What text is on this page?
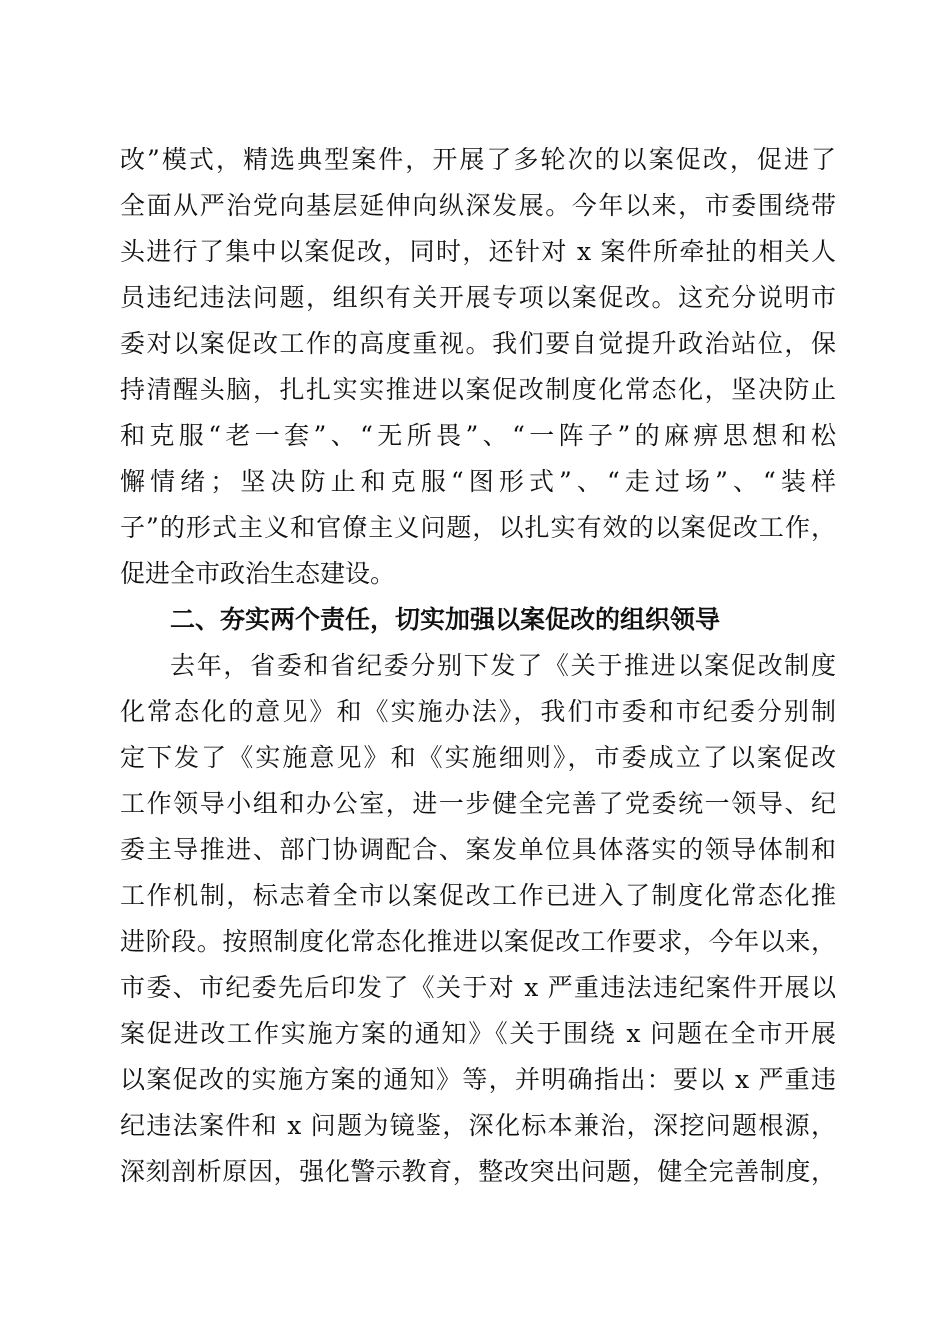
改”模式，精选典型案件，开展了多轮次的以案促改，促进了

全面从严治党向基层延伸向纵深发展。今年以来，市委围绕带

头进行了集中以案促改，同时，还针对 x 案件所牵扯的相关人

员违纪违法问题，组织有关开展专项以案促改。这充分说明市

委对以案促改工作的高度重视。我们要自觉提升政治站位，保

持清醒头脑，扎扎实实推进以案促改制度化常态化，坚决防止

和克服“老一套”、“无所畏”、“一阵子”的麻痹思想和松

懈情绪；坚决防止和克服“图形式”、“走过场”、“装样

子”的形式主义和官僚主义问题，以扎实有效的以案促改工作，

促进全市政治生态建设。

二、夯实两个责任，切实加强以案促改的组织领导

去年，省委和省纪委分别下发了《关于推进以案促改制度

化常态化的意见》和《实施办法》，我们市委和市纪委分别制

定下发了《实施意见》和《实施细则》，市委成立了以案促改

工作领导小组和办公室，进一步健全完善了党委统一领导、纪

委主导推进、部门协调配合、案发单位具体落实的领导体制和

工作机制，标志着全市以案促改工作已进入了制度化常态化推

进阶段。按照制度化常态化推进以案促改工作要求，今年以来，

市委、市纪委先后印发了《关于对 x 严重违法违纪案件开展以

案促进改工作实施方案的通知》《关于围绕 x 问题在全市开展

以案促改的实施方案的通知》等，并明确指出：要以 x 严重违

纪违法案件和 x 问题为镜鉴，深化标本兼治，深挖问题根源，

深刻剖析原因，强化警示教育，整改突出问题，健全完善制度，
